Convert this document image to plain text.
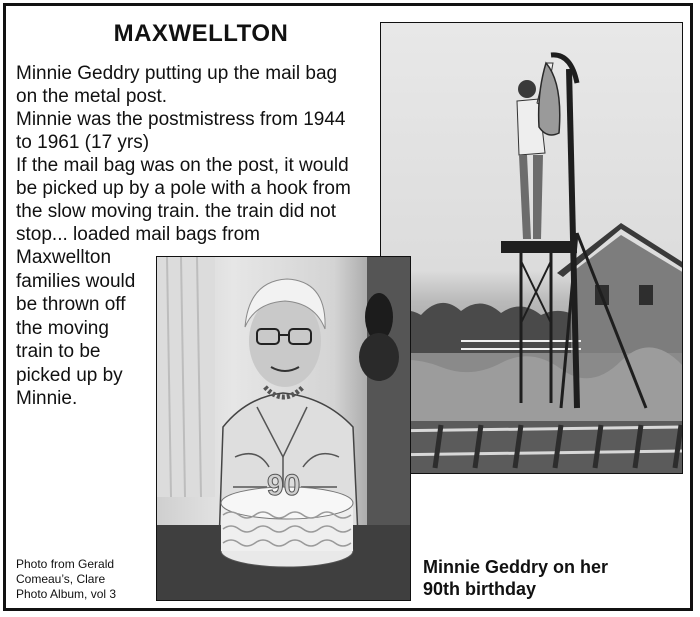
MAXWELLTON
Minnie Geddry putting up the mail bag
on the metal post.
Minnie was the postmistress from 1944
to 1961 (17 yrs)
If the mail bag was on the post, it would
be picked up by a pole with a hook from
the slow moving train. the train did not
stop... loaded mail bags from
Maxwellton
families would
be thrown off
the moving
train to be
picked up by
Minnie.
90
Photo from Gerald
Comeau’s, Clare
Photo Album, vol 3
Minnie Geddry on her
90th birthday
